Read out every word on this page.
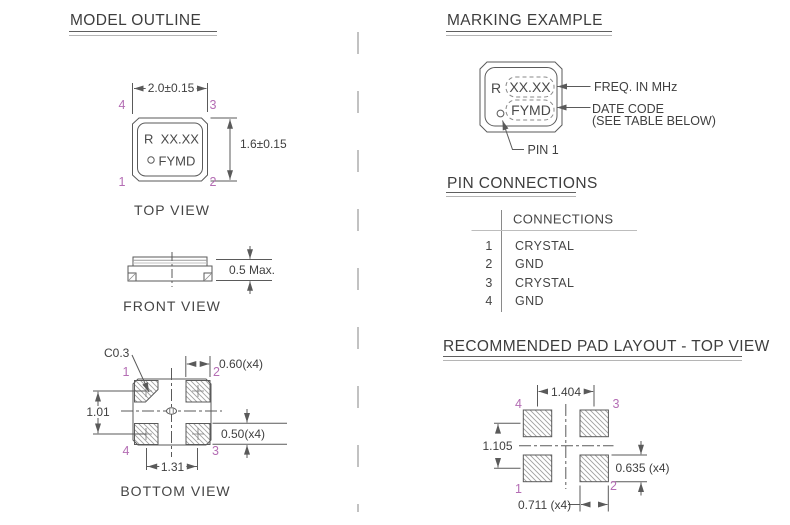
MODEL OUTLINE	MARKING EXAMPLE
PIN CONNECTIONS
RECOMMENDED PAD LAYOUT - TOP VIEW
2.0±0.15
1.6±0.15
R  XX.XX
FYMD
4	3
1	2
TOP VIEW
0.5 Max.
FRONT VIEW
C0.3
0.60(x4)
1.01
0.50(x4)
1.31
1	2
4	3
BOTTOM VIEW
R XX.XX
FYMD
FREQ. IN MHz
DATE CODE
(SEE TABLE BELOW)
PIN 1
CONNECTIONS
1 CRYSTAL
2 GND
3 CRYSTAL
4 GND
1.404
1.105
0.635 (x4)
0.711 (x4)
4	3
1	2
